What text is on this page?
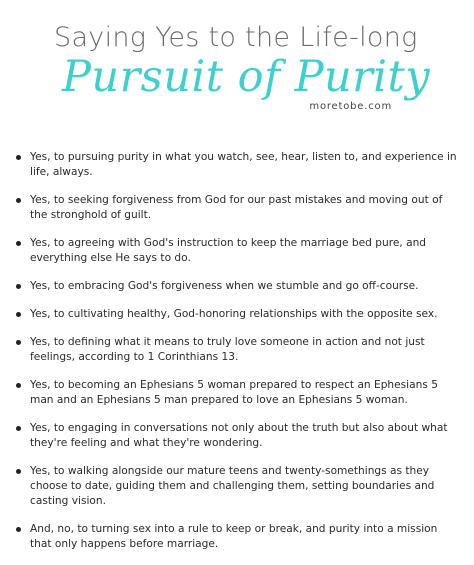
Saying Yes to the Life-long
Pursuit of Purity
moretobe.com
Yes, to pursuing purity in what you watch, see, hear, listen to, and experience in life, always.
Yes, to seeking forgiveness from God for our past mistakes and moving out of the stronghold of guilt.
Yes, to agreeing with God's instruction to keep the marriage bed pure, and everything else He says to do.
Yes, to embracing God's forgiveness when we stumble and go off-course.
Yes, to cultivating healthy, God-honoring relationships with the opposite sex.
Yes, to defining what it means to truly love someone in action and not just feelings, according to 1 Corinthians 13.
Yes, to becoming an Ephesians 5 woman prepared to respect an Ephesians 5 man and an Ephesians 5 man prepared to love an Ephesians 5 woman.
Yes, to engaging in conversations not only about the truth but also about what they're feeling and what they're wondering.
Yes, to walking alongside our mature teens and twenty-somethings as they choose to date, guiding them and challenging them, setting boundaries and casting vision.
And, no, to turning sex into a rule to keep or break, and purity into a mission that only happens before marriage.
